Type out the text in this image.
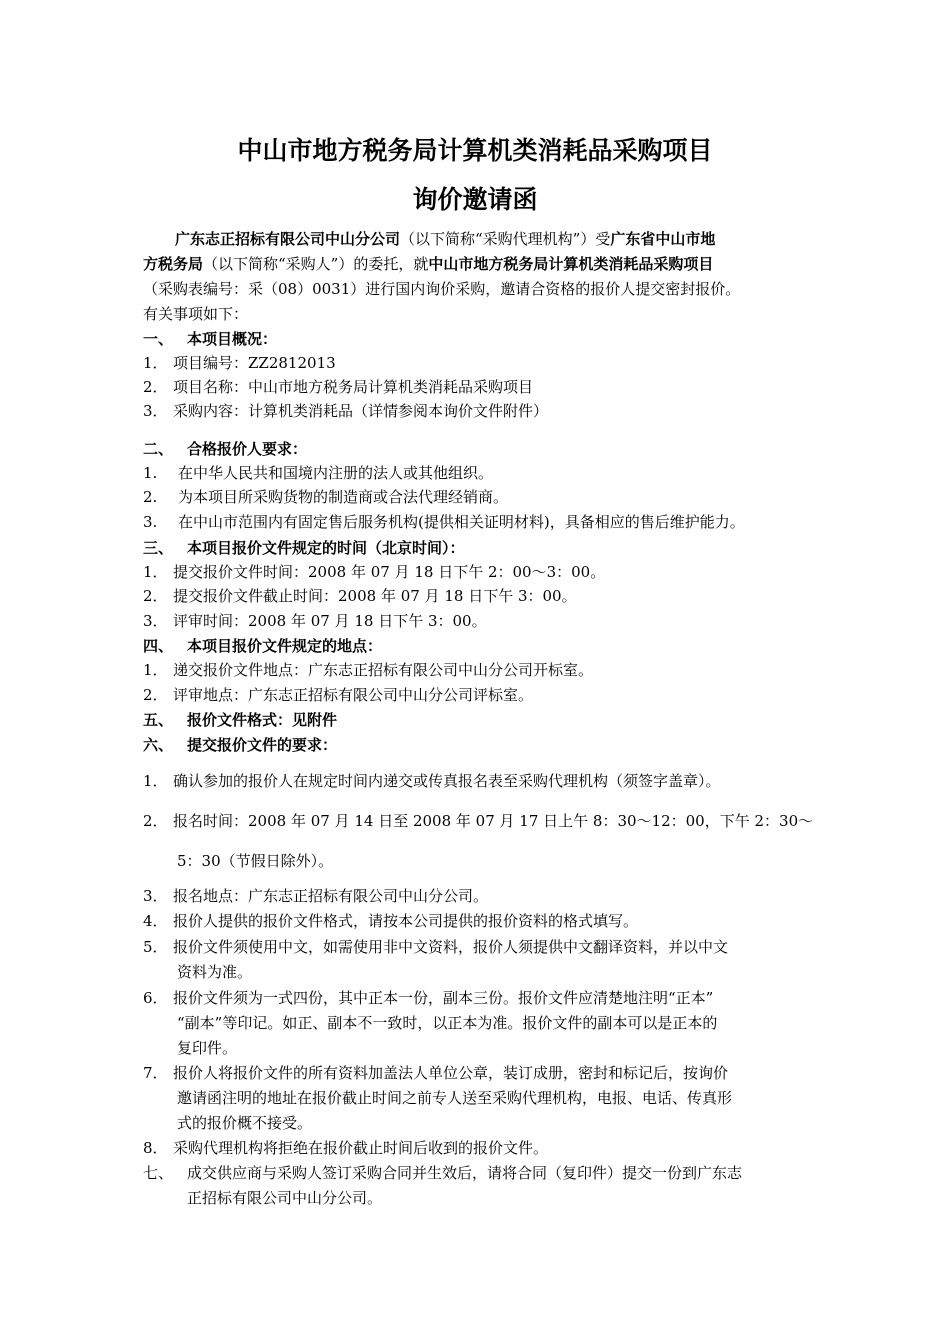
中山市地方税务局计算机类消耗品采购项目
询价邀请函
广东志正招标有限公司中山分公司（以下简称“采购代理机构”）受广东省中山市地
方税务局（以下简称“采购人”）的委托，就中山市地方税务局计算机类消耗品采购项目
（采购表编号：采（08）0031）进行国内询价采购，邀请合资格的报价人提交密封报价。
有关事项如下：
一、 本项目概况：
1． 项目编号：ZZ2812013
2． 项目名称：中山市地方税务局计算机类消耗品采购项目
3． 采购内容：计算机类消耗品（详情参阅本询价文件附件）
二、 合格报价人要求：
1. 在中华人民共和国境内注册的法人或其他组织。
2. 为本项目所采购货物的制造商或合法代理经销商。
3. 在中山市范围内有固定售后服务机构(提供相关证明材料)，具备相应的售后维护能力。
三、 本项目报价文件规定的时间（北京时间）：
1． 提交报价文件时间：2008 年 07 月 18 日下午 2：00～3：00。
2． 提交报价文件截止时间：2008 年 07 月 18 日下午 3：00。
3． 评审时间：2008 年 07 月 18 日下午 3：00。
四、 本项目报价文件规定的地点：
1． 递交报价文件地点：广东志正招标有限公司中山分公司开标室。
2． 评审地点：广东志正招标有限公司中山分公司评标室。
五、 报价文件格式：见附件
六、 提交报价文件的要求：
1． 确认参加的报价人在规定时间内递交或传真报名表至采购代理机构（须签字盖章）。
2． 报名时间：2008 年 07 月 14 日至 2008 年 07 月 17 日上午 8：30～12：00，下午 2：30～
5：30（节假日除外）。
3． 报名地点：广东志正招标有限公司中山分公司。
4． 报价人提供的报价文件格式，请按本公司提供的报价资料的格式填写。
5． 报价文件须使用中文，如需使用非中文资料，报价人须提供中文翻译资料，并以中文
资料为准。
6． 报价文件须为一式四份，其中正本一份，副本三份。报价文件应清楚地注明“正本”
“副本”等印记。如正、副本不一致时，以正本为准。报价文件的副本可以是正本的
复印件。
7． 报价人将报价文件的所有资料加盖法人单位公章，装订成册，密封和标记后，按询价
邀请函注明的地址在报价截止时间之前专人送至采购代理机构，电报、电话、传真形
式的报价概不接受。
8． 采购代理机构将拒绝在报价截止时间后收到的报价文件。
七、 成交供应商与采购人签订采购合同并生效后，请将合同（复印件）提交一份到广东志
正招标有限公司中山分公司。
